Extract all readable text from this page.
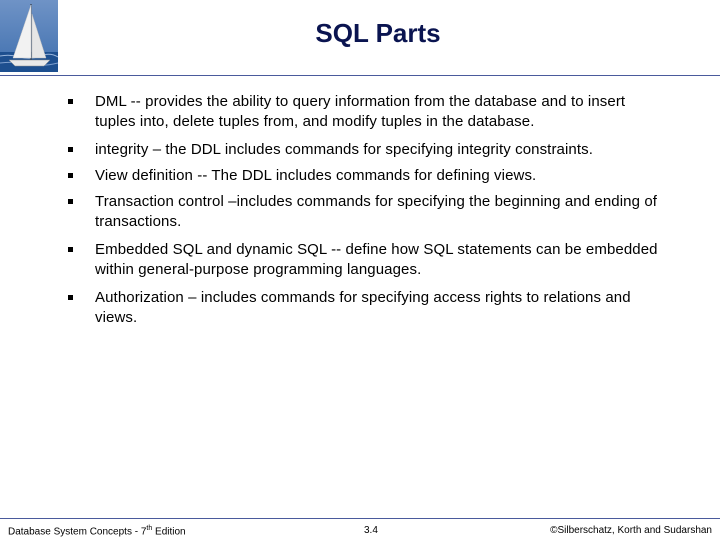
SQL Parts
DML -- provides the ability to query information from the database and to insert tuples into, delete tuples from, and modify tuples in the database.
integrity – the DDL includes commands for specifying integrity constraints.
View definition -- The DDL includes commands for defining views.
Transaction control –includes commands for specifying the beginning and ending of transactions.
Embedded SQL and dynamic SQL -- define how SQL statements can be embedded within general-purpose programming languages.
Authorization – includes commands for specifying access rights to relations and views.
Database System Concepts - 7th Edition	3.4	©Silberschatz, Korth and Sudarshan
